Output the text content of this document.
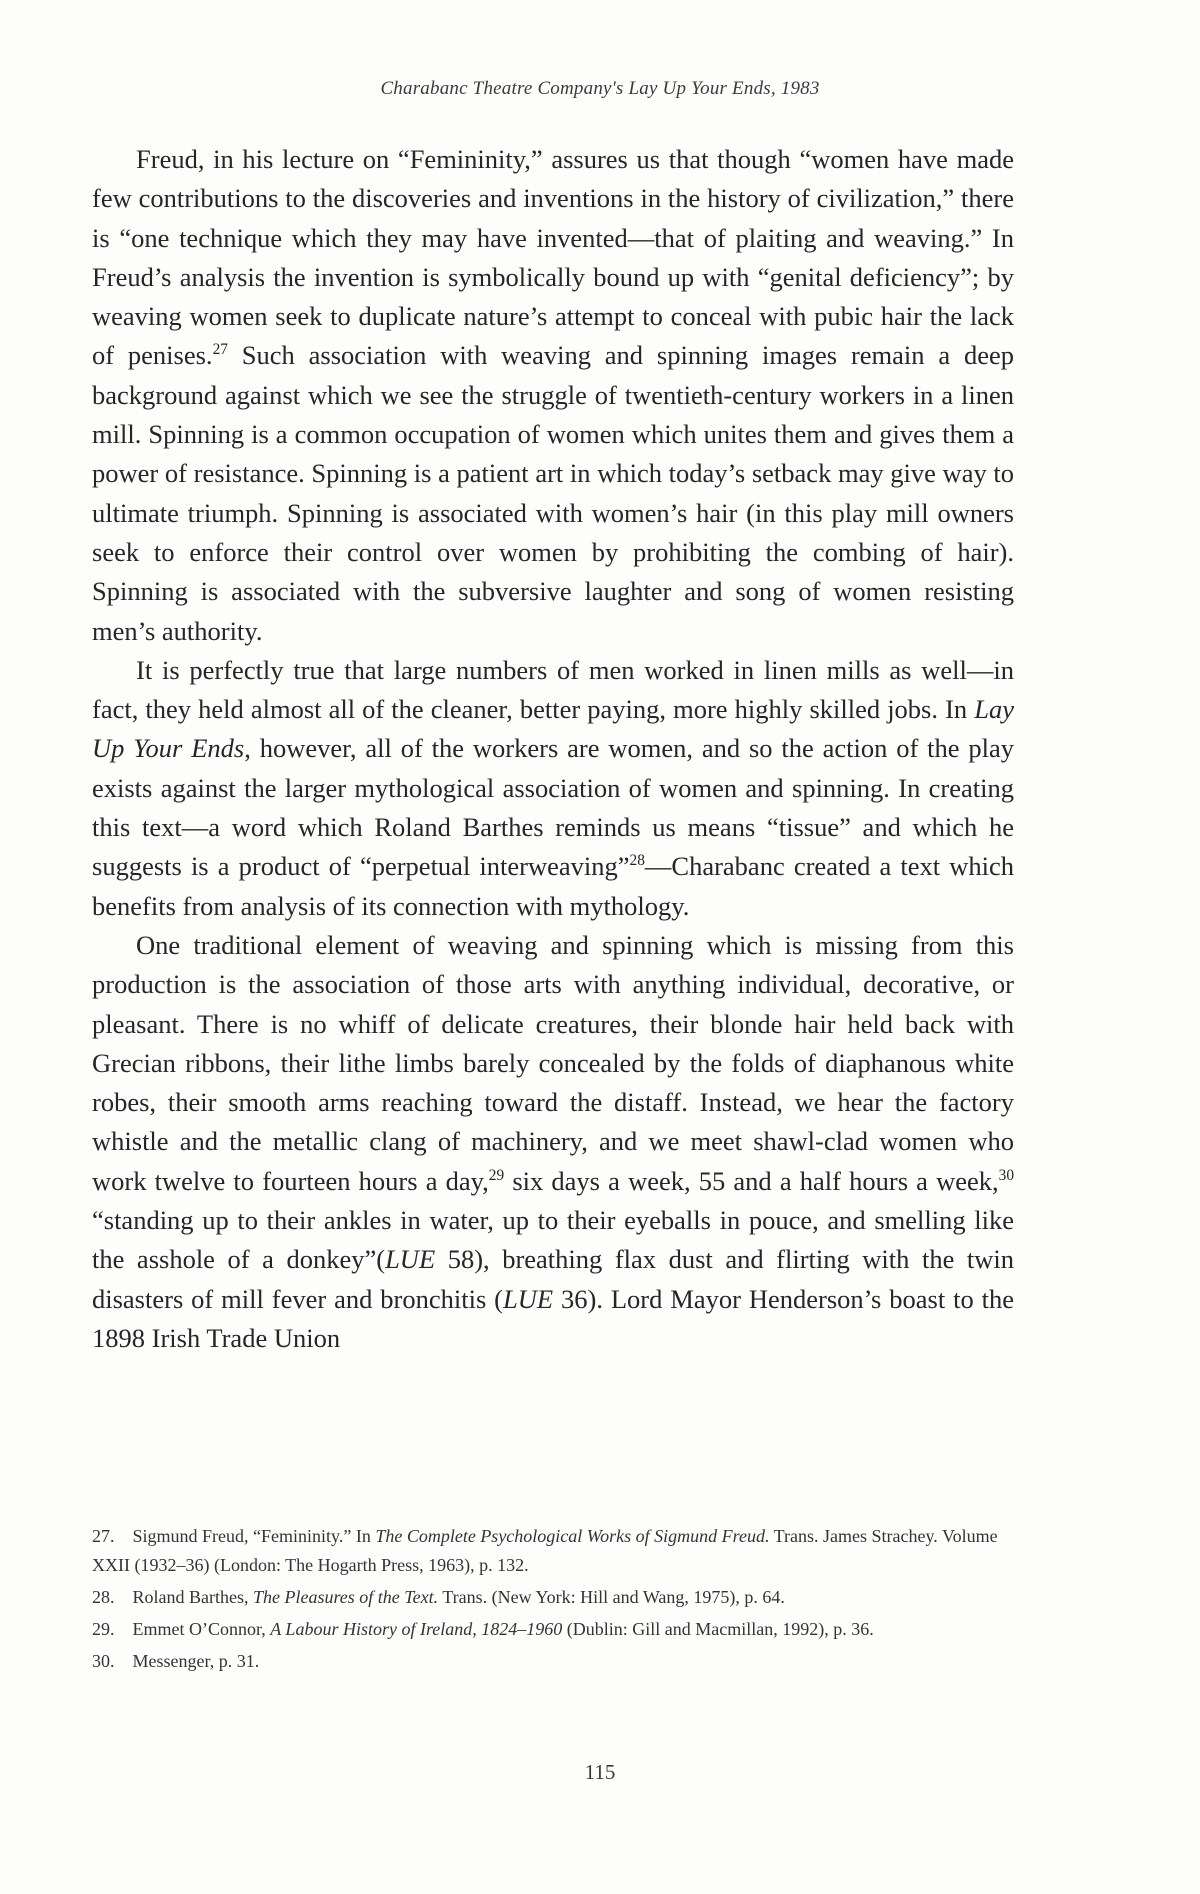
Charabanc Theatre Company's Lay Up Your Ends, 1983

Freud, in his lecture on “Femininity,” assures us that though “women have made few contributions to the discoveries and inventions in the history of civilization,” there is “one technique which they may have invented—that of plaiting and weaving.” In Freud’s analysis the invention is symbolically bound up with “genital deficiency”; by weaving women seek to duplicate nature’s attempt to conceal with pubic hair the lack of penises.$^{27}$ Such association with weaving and spinning images remain a deep background against which we see the struggle of twentieth-century workers in a linen mill. Spinning is a common occupation of women which unites them and gives them a power of resistance. Spinning is a patient art in which today’s setback may give way to ultimate triumph. Spinning is associated with women’s hair (in this play mill owners seek to enforce their control over women by prohibiting the combing of hair). Spinning is associated with the subversive laughter and song of women resisting men’s authority.

It is perfectly true that large numbers of men worked in linen mills as well—in fact, they held almost all of the cleaner, better paying, more highly skilled jobs. In Lay Up Your Ends, however, all of the workers are women, and so the action of the play exists against the larger mythological association of women and spinning. In creating this text—a word which Roland Barthes reminds us means “tissue” and which he suggests is a product of “perpetual interweaving”$^{28}$—Charabanc created a text which benefits from analysis of its connection with mythology.

One traditional element of weaving and spinning which is missing from this production is the association of those arts with anything individual, decorative, or pleasant. There is no whiff of delicate creatures, their blonde hair held back with Grecian ribbons, their lithe limbs barely concealed by the folds of diaphanous white robes, their smooth arms reaching toward the distaff. Instead, we hear the factory whistle and the metallic clang of machinery, and we meet shawl-clad women who work twelve to fourteen hours a day,$^{29}$ six days a week, 55 and a half hours a week,$^{30}$ “standing up to their ankles in water, up to their eyeballs in pouce, and smelling like the asshole of a donkey”(LUE 58), breathing flax dust and flirting with the twin disasters of mill fever and bronchitis (LUE 36). Lord Mayor Henderson’s boast to the 1898 Irish Trade Union

27. Sigmund Freud, “Femininity.” In The Complete Psychological Works of Sigmund Freud. Trans. James Strachey. Volume XXII (1932–36) (London: The Hogarth Press, 1963), p. 132.
28. Roland Barthes, The Pleasures of the Text. Trans. (New York: Hill and Wang, 1975), p. 64.
29. Emmet O’Connor, A Labour History of Ireland, 1824–1960 (Dublin: Gill and Macmillan, 1992), p. 36.
30. Messenger, p. 31.
115
